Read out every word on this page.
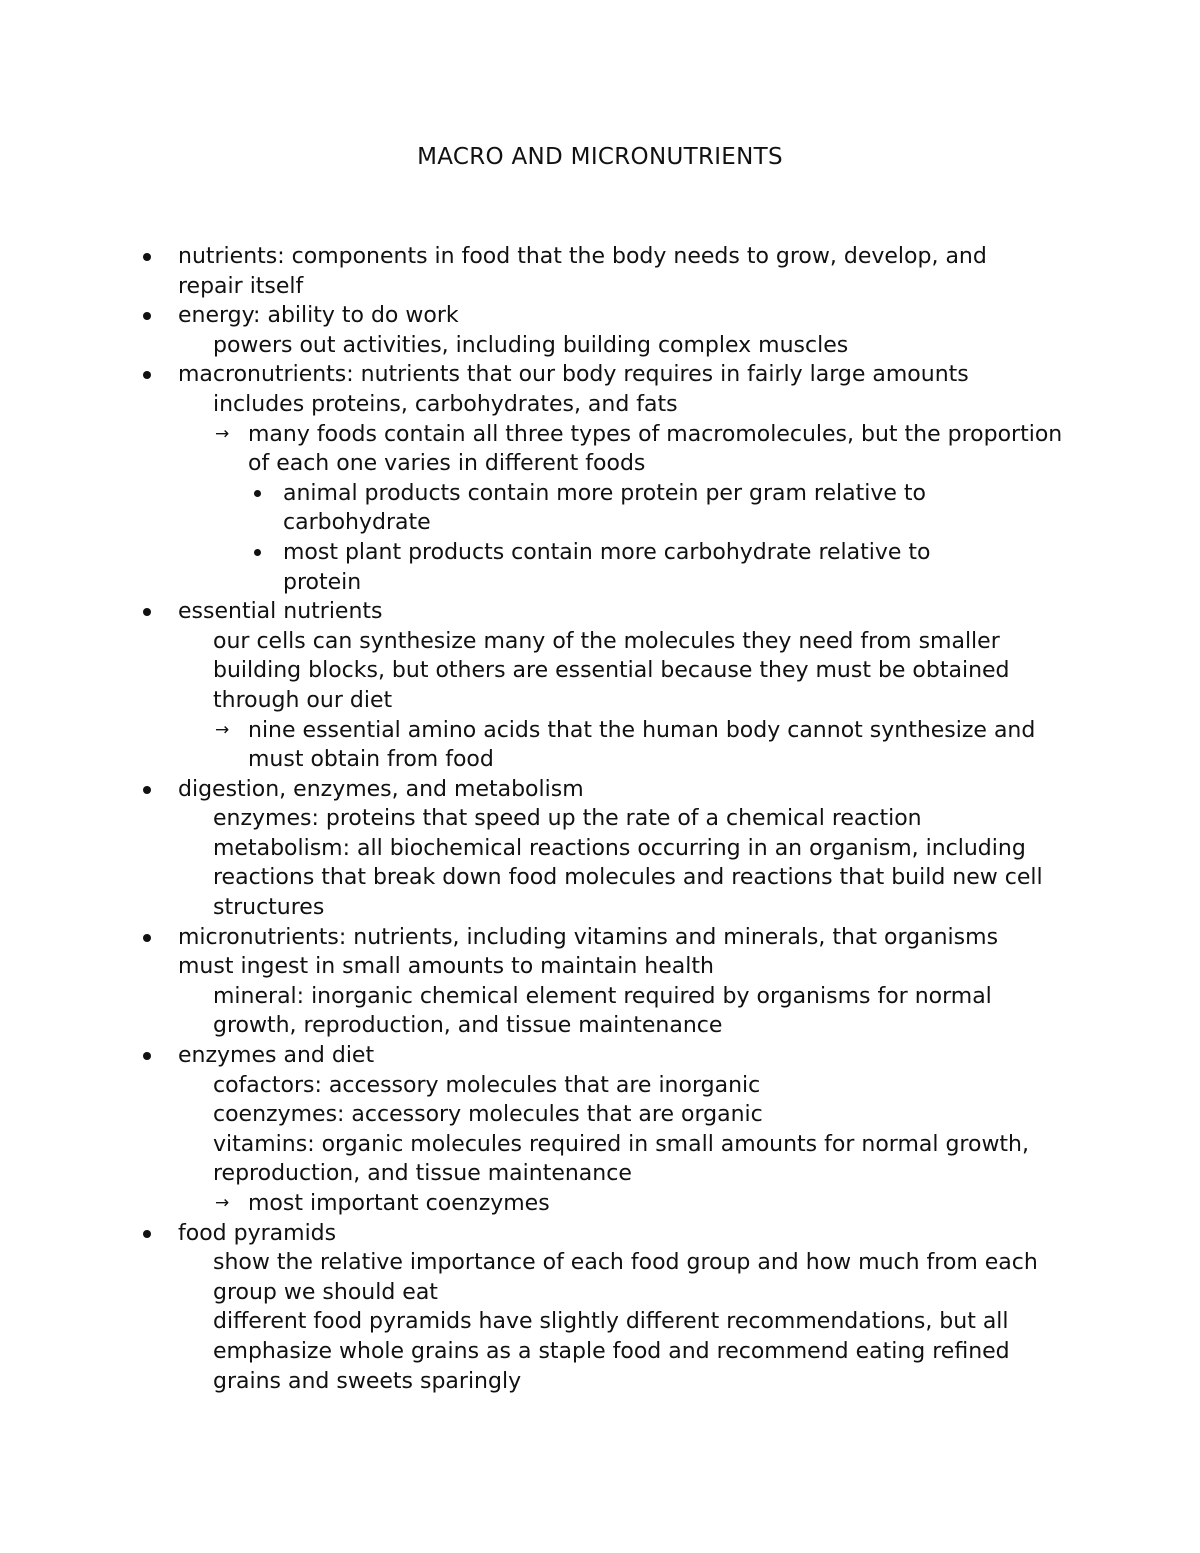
MACRO AND MICRONUTRIENTS
nutrients: components in food that the body needs to grow, develop, and repair itself
energy: ability to do work
powers out activities, including building complex muscles
macronutrients: nutrients that our body requires in fairly large amounts
includes proteins, carbohydrates, and fats
→ many foods contain all three types of macromolecules, but the proportion of each one varies in different foods
animal products contain more protein per gram relative to carbohydrate
most plant products contain more carbohydrate relative to protein
essential nutrients
our cells can synthesize many of the molecules they need from smaller building blocks, but others are essential because they must be obtained through our diet
→ nine essential amino acids that the human body cannot synthesize and must obtain from food
digestion, enzymes, and metabolism
enzymes: proteins that speed up the rate of a chemical reaction
metabolism: all biochemical reactions occurring in an organism, including reactions that break down food molecules and reactions that build new cell structures
micronutrients: nutrients, including vitamins and minerals, that organisms must ingest in small amounts to maintain health
mineral: inorganic chemical element required by organisms for normal growth, reproduction, and tissue maintenance
enzymes and diet
cofactors: accessory molecules that are inorganic
coenzymes: accessory molecules that are organic
vitamins: organic molecules required in small amounts for normal growth, reproduction, and tissue maintenance
→ most important coenzymes
food pyramids
show the relative importance of each food group and how much from each group we should eat
different food pyramids have slightly different recommendations, but all emphasize whole grains as a staple food and recommend eating refined grains and sweets sparingly
